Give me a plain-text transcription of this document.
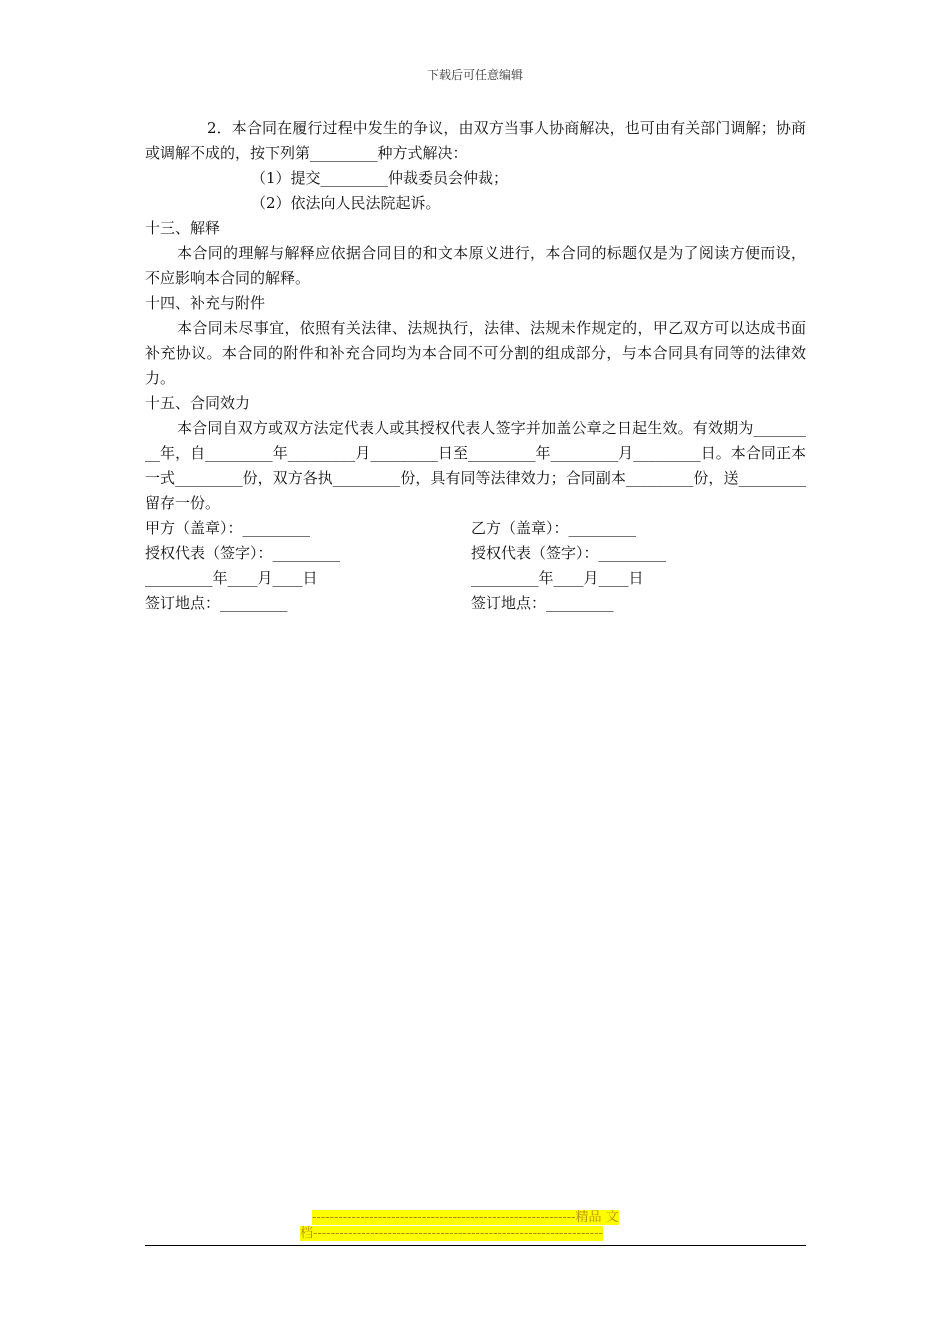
下载后可任意编辑

2．本合同在履行过程中发生的争议，由双方当事人协商解决，也可由有关部门调解；协商或调解不成的，按下列第_________种方式解决：

（1）提交_________仲裁委员会仲裁；

（2）依法向人民法院起诉。

十三、解释

本合同的理解与解释应依据合同目的和文本原义进行，本合同的标题仅是为了阅读方便而设，不应影响本合同的解释。

十四、补充与附件

本合同未尽事宜，依照有关法律、法规执行，法律、法规未作规定的，甲乙双方可以达成书面补充协议。本合同的附件和补充合同均为本合同不可分割的组成部分，与本合同具有同等的法律效力。

十五、合同效力

本合同自双方或双方法定代表人或其授权代表人签字并加盖公章之日起生效。有效期为_________年，自_________年_________月_________日至_________年_________月_________日。本合同正本一式_________份，双方各执_________份，具有同等法律效力；合同副本_________份，送_________留存一份。

甲方（盖章）：_________	乙方（盖章）：_________
授权代表（签字）：_________	授权代表（签字）：_________
_________年____月____日	_________年____月____日
签订地点：_________	签订地点：_________
------------------------------------------------------------精品 文
档------------------------------------------------------------------
